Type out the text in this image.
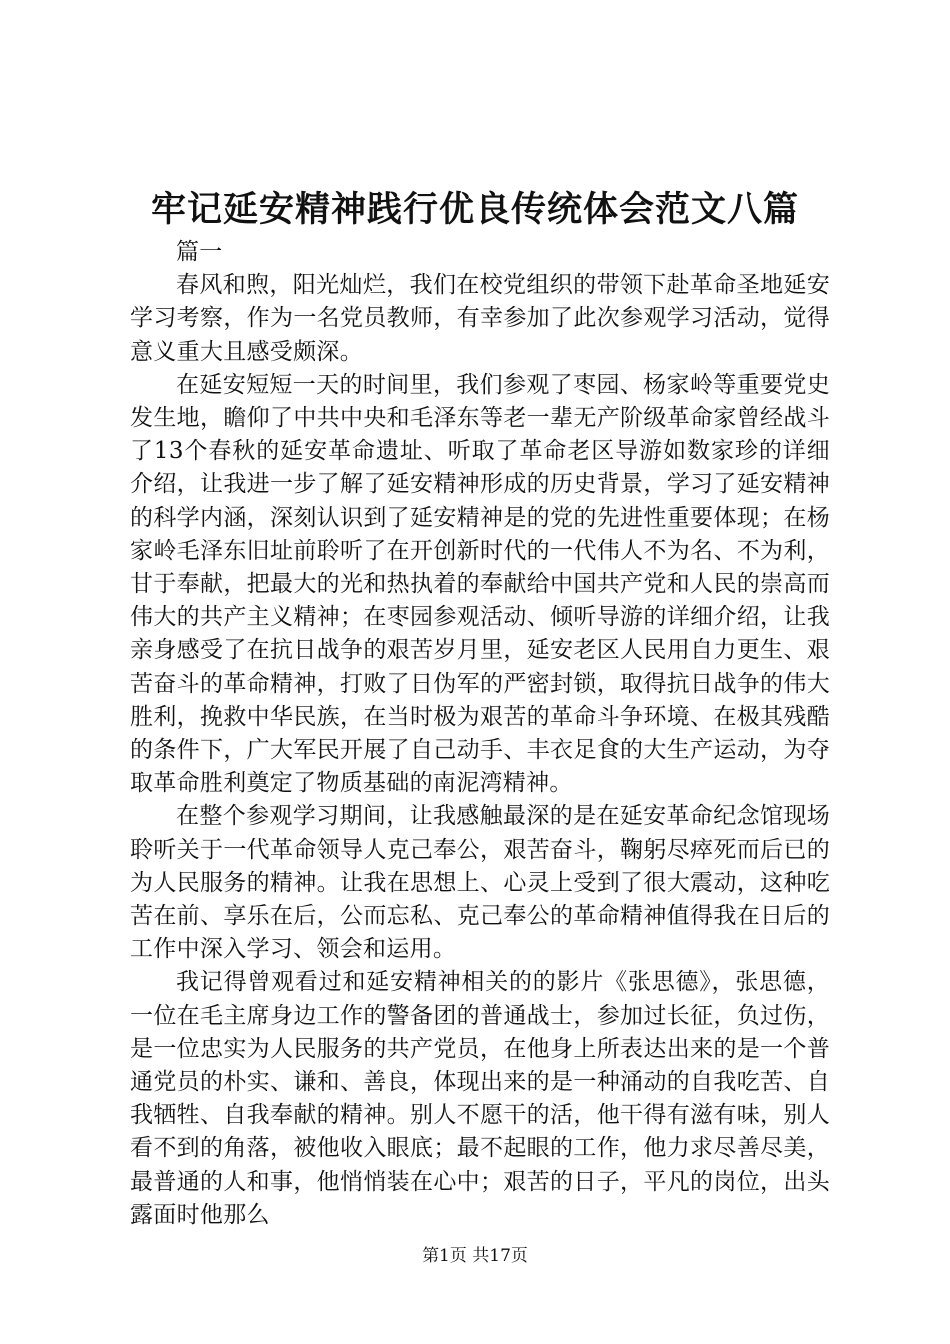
牢记延安精神践行优良传统体会范文八篇

篇一

春风和煦，阳光灿烂，我们在校党组织的带领下赴革命圣地延安学习考察，作为一名党员教师，有幸参加了此次参观学习活动，觉得意义重大且感受颇深。

在延安短短一天的时间里，我们参观了枣园、杨家岭等重要党史发生地，瞻仰了中共中央和毛泽东等老一辈无产阶级革命家曾经战斗了13个春秋的延安革命遗址、听取了革命老区导游如数家珍的详细介绍，让我进一步了解了延安精神形成的历史背景，学习了延安精神的科学内涵，深刻认识到了延安精神是的党的先进性重要体现；在杨家岭毛泽东旧址前聆听了在开创新时代的一代伟人不为名、不为利，甘于奉献，把最大的光和热执着的奉献给中国共产党和人民的崇高而伟大的共产主义精神；在枣园参观活动、倾听导游的详细介绍，让我亲身感受了在抗日战争的艰苦岁月里，延安老区人民用自力更生、艰苦奋斗的革命精神，打败了日伪军的严密封锁，取得抗日战争的伟大胜利，挽救中华民族，在当时极为艰苦的革命斗争环境、在极其残酷的条件下，广大军民开展了自己动手、丰衣足食的大生产运动，为夺取革命胜利奠定了物质基础的南泥湾精神。

在整个参观学习期间，让我感触最深的是在延安革命纪念馆现场聆听关于一代革命领导人克己奉公，艰苦奋斗，鞠躬尽瘁死而后已的为人民服务的精神。让我在思想上、心灵上受到了很大震动，这种吃苦在前、享乐在后，公而忘私、克己奉公的革命精神值得我在日后的工作中深入学习、领会和运用。

我记得曾观看过和延安精神相关的的影片《张思德》，张思德，一位在毛主席身边工作的警备团的普通战士，参加过长征，负过伤，是一位忠实为人民服务的共产党员，在他身上所表达出来的是一个普通党员的朴实、谦和、善良，体现出来的是一种涌动的自我吃苦、自我牺牲、自我奉献的精神。别人不愿干的活，他干得有滋有味，别人看不到的角落，被他收入眼底；最不起眼的工作，他力求尽善尽美，最普通的人和事，他悄悄装在心中；艰苦的日子，平凡的岗位，出头露面时他那么

第1页 共17页
